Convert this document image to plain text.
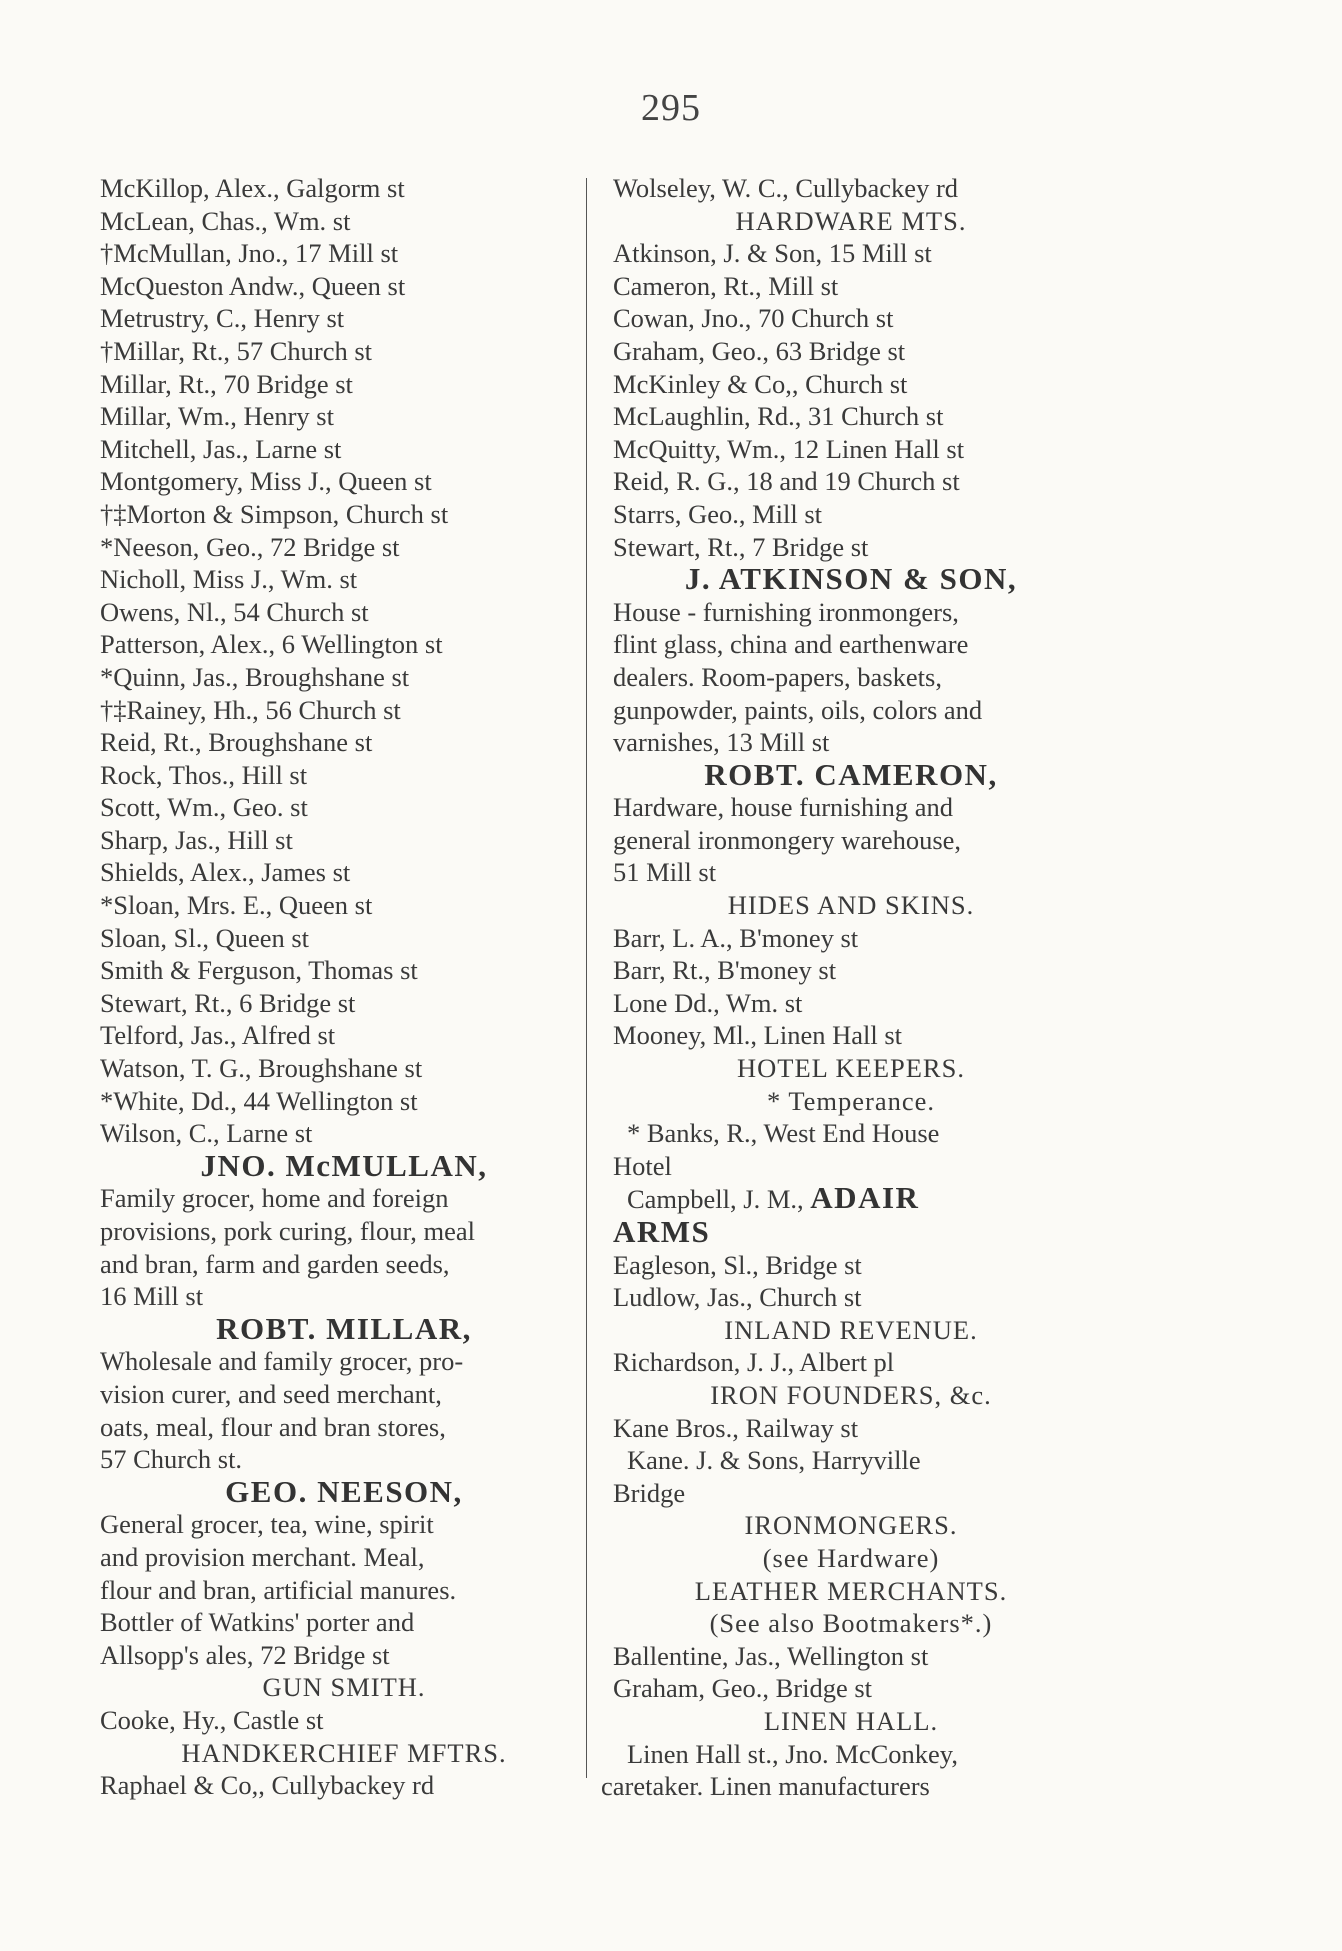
295
McKillop, Alex., Galgorm st
McLean, Chas., Wm. st
†McMullan, Jno., 17 Mill st
McQueston Andw., Queen st
Metrustry, C., Henry st
†Millar, Rt., 57 Church st
Millar, Rt., 70 Bridge st
Millar, Wm., Henry st
Mitchell, Jas., Larne st
Montgomery, Miss J., Queen st
†‡Morton & Simpson, Church st
*Neeson, Geo., 72 Bridge st
Nicholl, Miss J., Wm. st
Owens, Nl., 54 Church st
Patterson, Alex., 6 Wellington st
*Quinn, Jas., Broughshane st
†‡Rainey, Hh., 56 Church st
Reid, Rt., Broughshane st
Rock, Thos., Hill st
Scott, Wm., Geo. st
Sharp, Jas., Hill st
Shields, Alex., James st
*Sloan, Mrs. E., Queen st
Sloan, Sl., Queen st
Smith & Ferguson, Thomas st
Stewart, Rt., 6 Bridge st
Telford, Jas., Alfred st
Watson, T. G., Broughshane st
*White, Dd., 44 Wellington st
Wilson, C., Larne st
JNO. McMULLAN,
Family grocer, home and foreign
provisions, pork curing, flour, meal
and bran, farm and garden seeds,
16 Mill st
ROBT. MILLAR,
Wholesale and family grocer, pro-
vision curer, and seed merchant,
oats, meal, flour and bran stores,
57 Church st.
GEO. NEESON,
General grocer, tea, wine, spirit
and provision merchant. Meal,
flour and bran, artificial manures.
Bottler of Watkins' porter and
Allsopp's ales, 72 Bridge st
GUN SMITH.
Cooke, Hy., Castle st
HANDKERCHIEF MFTRS.
Raphael & Co,, Cullybackey rd
Wolseley, W. C., Cullybackey rd
HARDWARE MTS.
Atkinson, J. & Son, 15 Mill st
Cameron, Rt., Mill st
Cowan, Jno., 70 Church st
Graham, Geo., 63 Bridge st
McKinley & Co,, Church st
McLaughlin, Rd., 31 Church st
McQuitty, Wm., 12 Linen Hall st
Reid, R. G., 18 and 19 Church st
Starrs, Geo., Mill st
Stewart, Rt., 7 Bridge st
J. ATKINSON & SON,
House - furnishing ironmongers,
flint glass, china and earthenware
dealers. Room-papers, baskets,
gunpowder, paints, oils, colors and
varnishes, 13 Mill st
ROBT. CAMERON,
Hardware, house furnishing and
general ironmongery warehouse,
51 Mill st
HIDES AND SKINS.
Barr, L. A., B'money st
Barr, Rt., B'money st
Lone Dd., Wm. st
Mooney, Ml., Linen Hall st
HOTEL KEEPERS.
* Temperance.
* Banks, R., West End House
Hotel
Campbell, J. M., ADAIR
ARMS
Eagleson, Sl., Bridge st
Ludlow, Jas., Church st
INLAND REVENUE.
Richardson, J. J., Albert pl
IRON FOUNDERS, &c.
Kane Bros., Railway st
Kane. J. & Sons, Harryville
Bridge
IRONMONGERS.
(see Hardware)
LEATHER MERCHANTS.
(See also Bootmakers*.)
Ballentine, Jas., Wellington st
Graham, Geo., Bridge st
LINEN HALL.
Linen Hall st., Jno. McConkey,
caretaker. Linen manufacturers
